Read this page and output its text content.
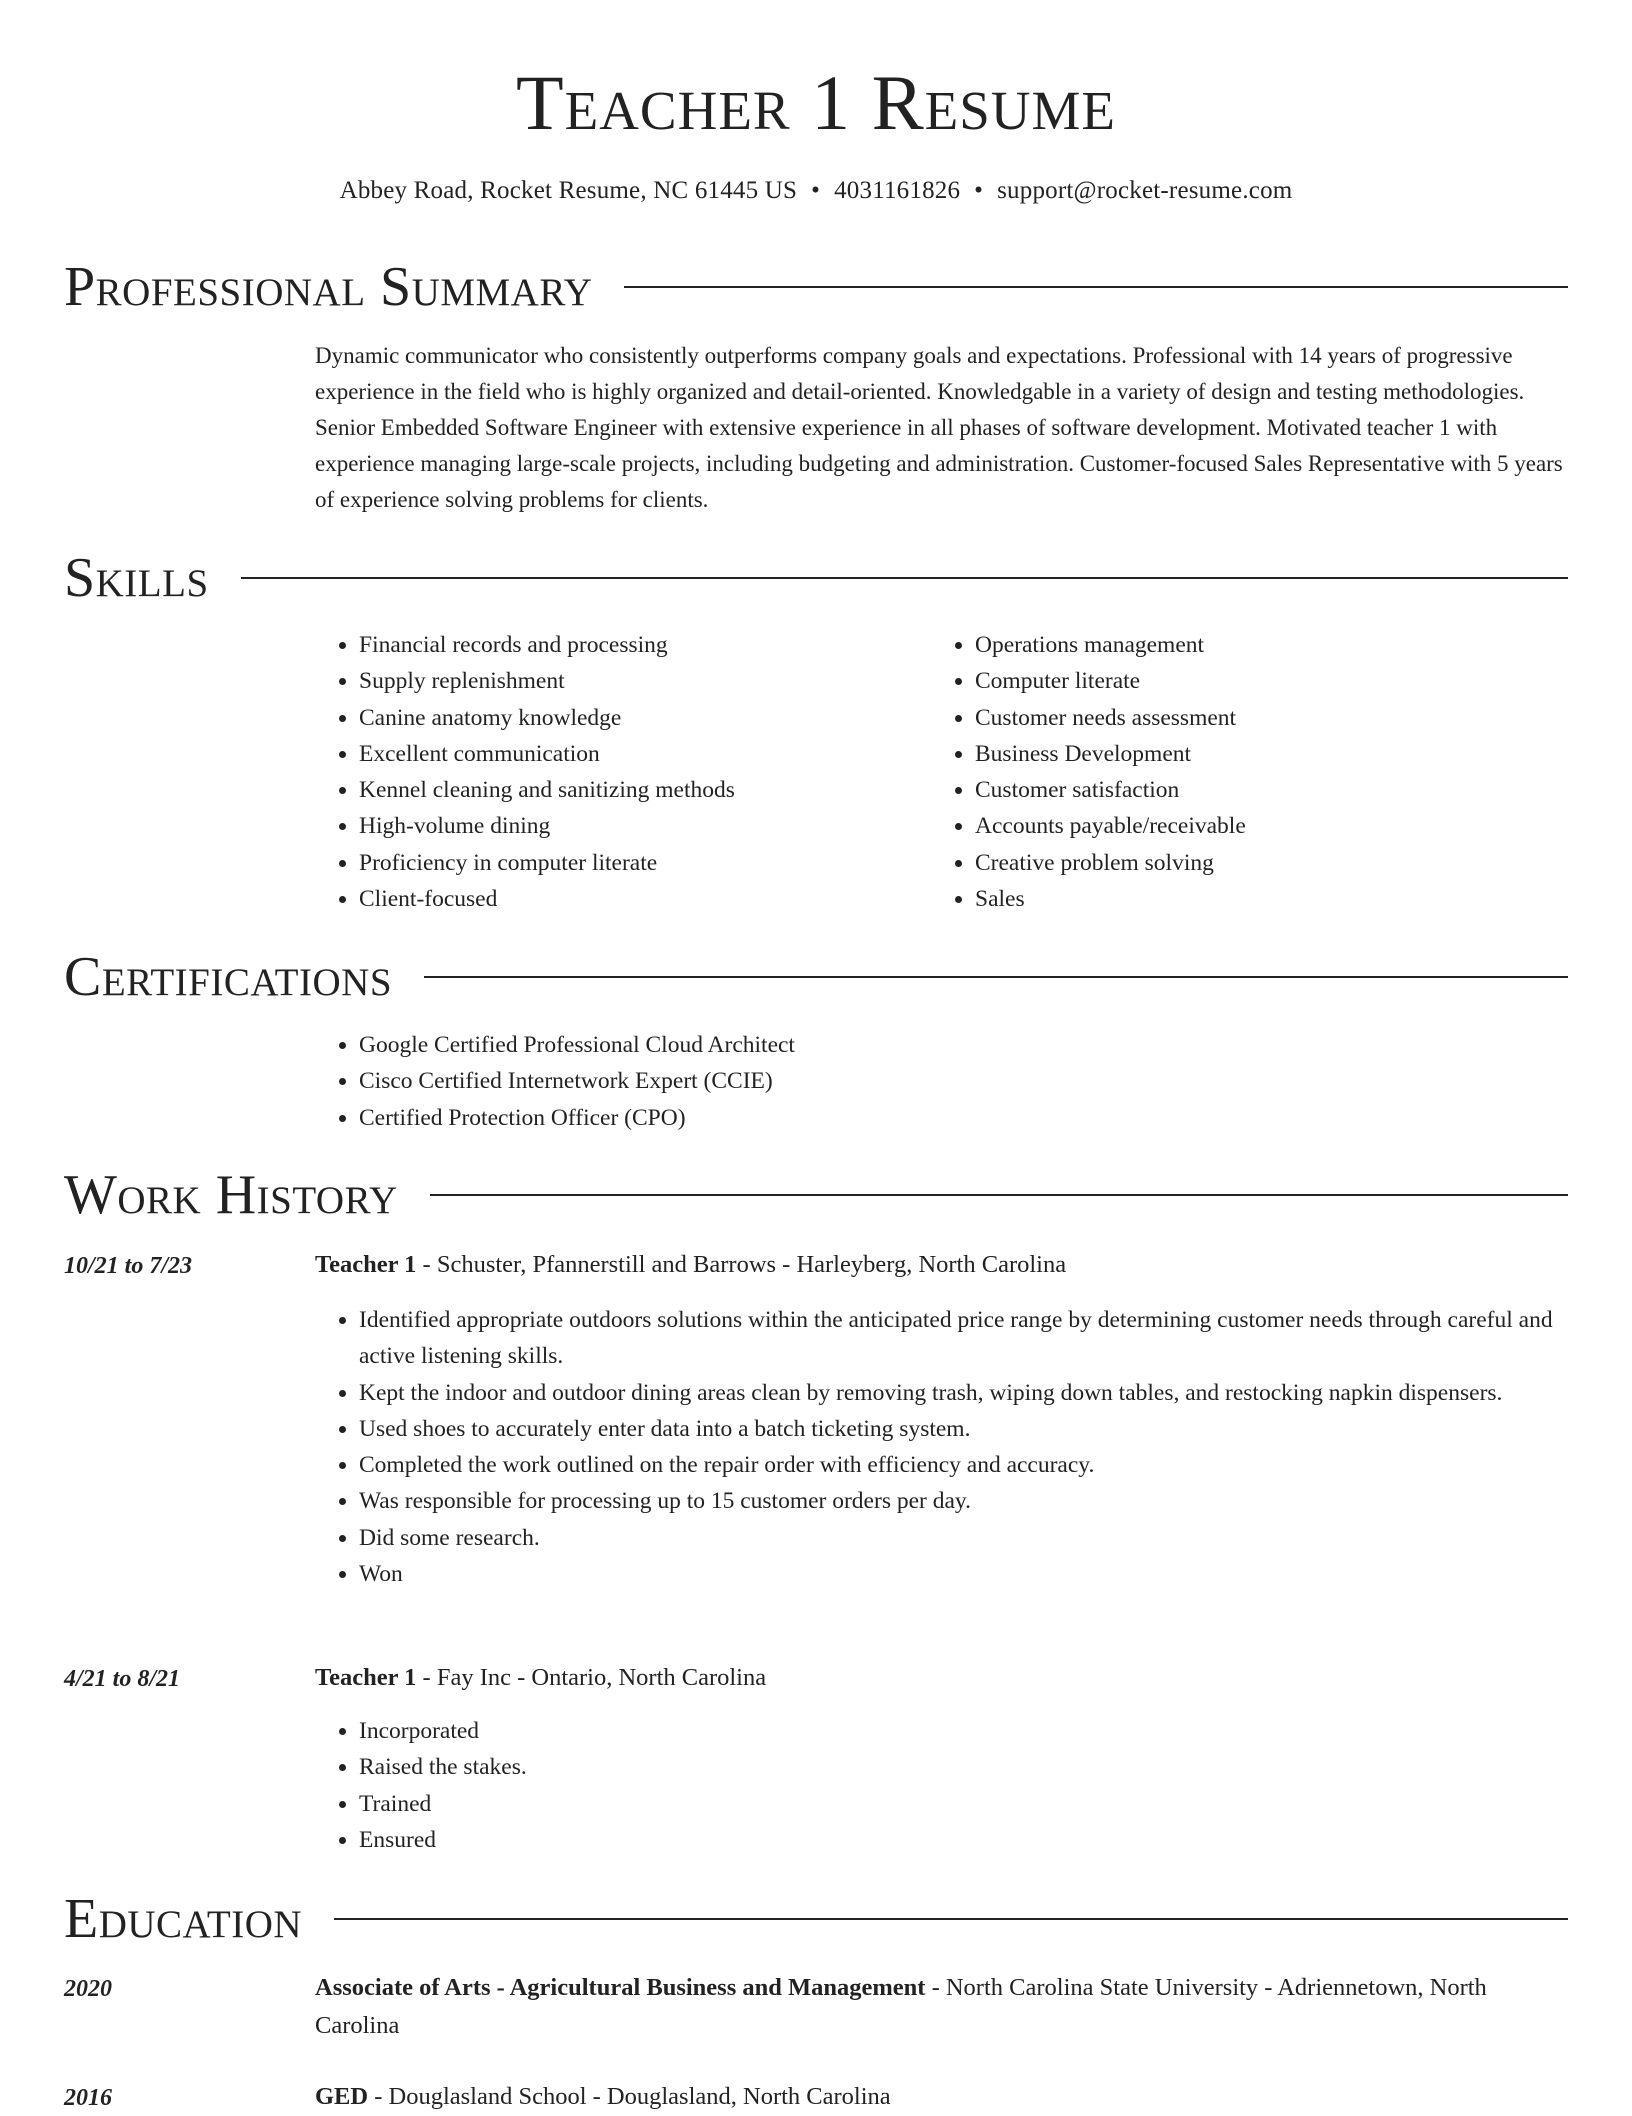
Teacher 1 Resume
Abbey Road, Rocket Resume, NC 61445 US • 4031161826 • support@rocket-resume.com
Professional Summary

Dynamic communicator who consistently outperforms company goals and expectations. Professional with 14 years of progressive experience in the field who is highly organized and detail-oriented. Knowledgable in a variety of design and testing methodologies. Senior Embedded Software Engineer with extensive experience in all phases of software development. Motivated teacher 1 with experience managing large-scale projects, including budgeting and administration. Customer-focused Sales Representative with 5 years of experience solving problems for clients.

Skills
• Financial records and processing
• Supply replenishment
• Canine anatomy knowledge
• Excellent communication
• Kennel cleaning and sanitizing methods
• High-volume dining
• Proficiency in computer literate
• Client-focused
• Operations management
• Computer literate
• Customer needs assessment
• Business Development
• Customer satisfaction
• Accounts payable/receivable
• Creative problem solving
• Sales
Certifications
• Google Certified Professional Cloud Architect
• Cisco Certified Internetwork Expert (CCIE)
• Certified Protection Officer (CPO)
Work History
10/21 to 7/23	Teacher 1 - Schuster, Pfannerstill and Barrows - Harleyberg, North Carolina
• Identified appropriate outdoors solutions within the anticipated price range by determining customer needs through careful and active listening skills.
• Kept the indoor and outdoor dining areas clean by removing trash, wiping down tables, and restocking napkin dispensers.
• Used shoes to accurately enter data into a batch ticketing system.
• Completed the work outlined on the repair order with efficiency and accuracy.
• Was responsible for processing up to 15 customer orders per day.
• Did some research.
• Won
4/21 to 8/21	Teacher 1 - Fay Inc - Ontario, North Carolina
• Incorporated
• Raised the stakes.
• Trained
• Ensured
Education
2020	Associate of Arts - Agricultural Business and Management - North Carolina State University - Adriennetown, North Carolina
2016	GED - Douglasland School - Douglasland, North Carolina
